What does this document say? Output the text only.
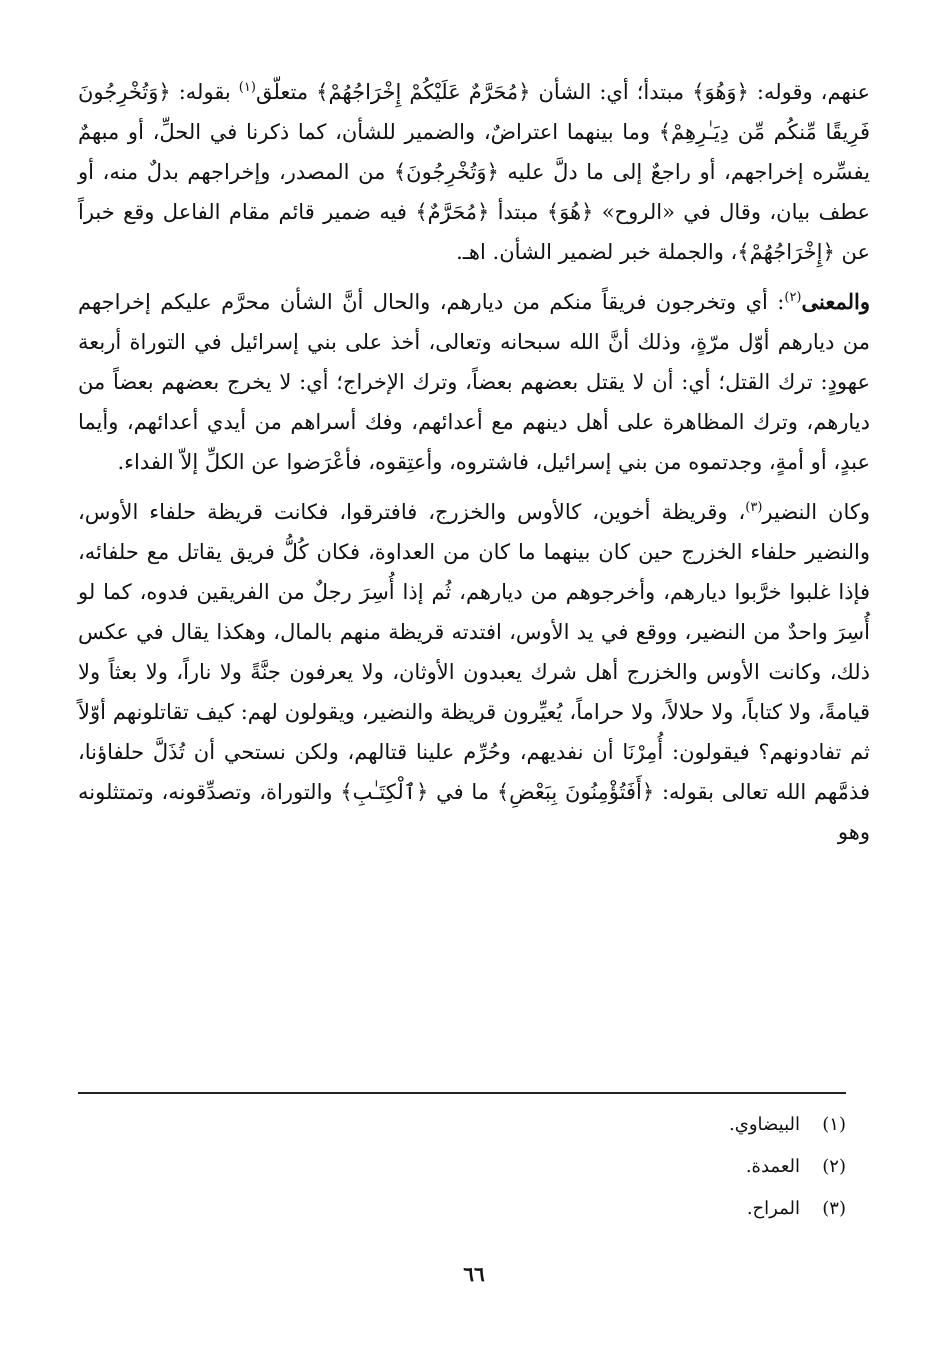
عنهم، وقوله: ﴿وَهُوَ﴾ مبتدأ؛ أي: الشأن ﴿مُحَرَّمٌ عَلَيْكُمْ إِخْرَاجُهُمْ﴾ متعلّق$^{(١)}$ بقوله: ﴿وَتُخْرِجُونَ فَرِيقًا مِّنكُم مِّن دِيَـٰرِهِمْ﴾ وما بينهما اعتراضٌ، والضمير للشأن، كما ذكرنا في الحلِّ، أو مبهمٌ يفسِّره إخراجهم، أو راجعٌ إلى ما دلَّ عليه ﴿وَتُخْرِجُونَ﴾ من المصدر، وإخراجهم بدلٌ منه، أو عطف بيان، وقال في «الروح» ﴿هُوَ﴾ مبتدأ ﴿مُحَرَّمٌ﴾ فيه ضمير قائم مقام الفاعل وقع خبراً عن ﴿إِخْرَاجُهُمْ﴾، والجملة خبر لضمير الشأن. اهـ.

والمعنى$^{(٢)}$: أي وتخرجون فريقاً منكم من ديارهم، والحال أنَّ الشأن محرَّم عليكم إخراجهم من ديارهم أوّل مرّةٍ، وذلك أنَّ الله سبحانه وتعالى، أخذ على بني إسرائيل في التوراة أربعة عهودٍ: ترك القتل؛ أي: أن لا يقتل بعضهم بعضاً، وترك الإخراج؛ أي: لا يخرج بعضهم بعضاً من ديارهم، وترك المظاهرة على أهل دينهم مع أعدائهم، وفك أسراهم من أيدي أعدائهم، وأيما عبدٍ، أو أمةٍ، وجدتموه من بني إسرائيل، فاشتروه، وأعتِقوه، فأعْرَضوا عن الكلِّ إلاّ الفداء.

وكان النضير$^{(٣)}$، وقريظة أخوين، كالأوس والخزرج، فافترقوا، فكانت قريظة حلفاء الأوس، والنضير حلفاء الخزرج حين كان بينهما ما كان من العداوة، فكان كُلُّ فريق يقاتل مع حلفائه، فإذا غلبوا خرَّبوا ديارهم، وأخرجوهم من ديارهم، ثُم إذا أُسِرَ رجلٌ من الفريقين فدوه، كما لو أُسِرَ واحدٌ من النضير، ووقع في يد الأوس، افتدته قريظة منهم بالمال، وهكذا يقال في عكس ذلك، وكانت الأوس والخزرج أهل شرك يعبدون الأوثان، ولا يعرفون جنَّةً ولا ناراً، ولا بعثاً ولا قيامةً، ولا كتاباً، ولا حلالاً، ولا حراماً، يُعيِّرون قريظة والنضير، ويقولون لهم: كيف تقاتلونهم أوّلاً ثم تفادونهم؟ فيقولون: أُمِرْنَا أن نفديهم، وحُرِّم علينا قتالهم، ولكن نستحي أن تُذَلَّ حلفاؤنا، فذمَّهم الله تعالى بقوله: ﴿أَفَتُؤْمِنُونَ بِبَعْضِ﴾ ما في ﴿ٱلْكِتَـٰبِ﴾ والتوراة، وتصدِّقونه، وتمتثلونه وهو

(١)البيضاوي.
(٢)العمدة.
(٣)المراح.
٦٦
